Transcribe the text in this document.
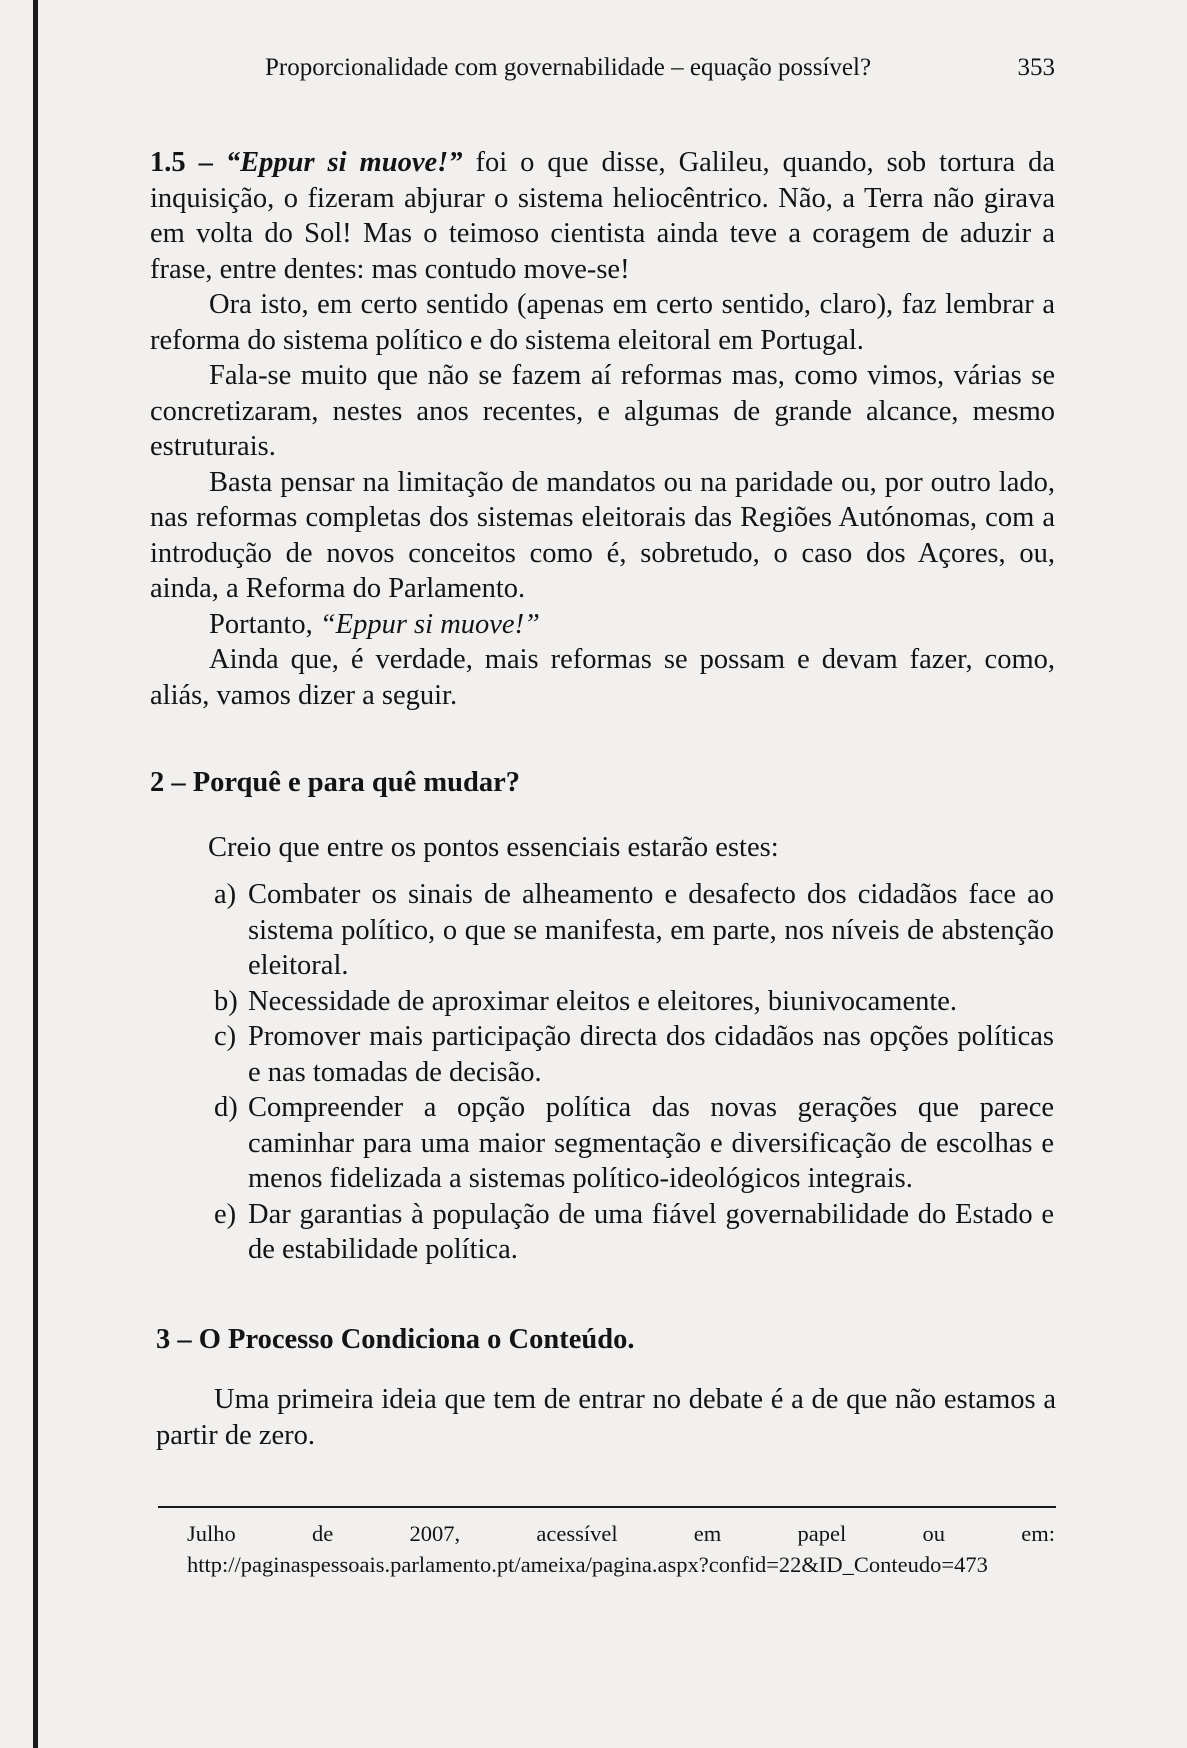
Proporcionalidade com governabilidade – equação possível?	353

1.5 – “Eppur si muove!” foi o que disse, Galileu, quando, sob tortura da inquisição, o fizeram abjurar o sistema heliocêntrico. Não, a Terra não girava em volta do Sol! Mas o teimoso cientista ainda teve a coragem de aduzir a frase, entre dentes: mas contudo move-se!

Ora isto, em certo sentido (apenas em certo sentido, claro), faz lembrar a reforma do sistema político e do sistema eleitoral em Portugal.

Fala-se muito que não se fazem aí reformas mas, como vimos, várias se concretizaram, nestes anos recentes, e algumas de grande alcance, mesmo estruturais.

Basta pensar na limitação de mandatos ou na paridade ou, por outro lado, nas reformas completas dos sistemas eleitorais das Regiões Autónomas, com a introdução de novos conceitos como é, sobretudo, o caso dos Açores, ou, ainda, a Reforma do Parlamento.

Portanto, “Eppur si muove!”

Ainda que, é verdade, mais reformas se possam e devam fazer, como, aliás, vamos dizer a seguir.

2 – Porquê e para quê mudar?
Creio que entre os pontos essenciais estarão estes:
a) Combater os sinais de alheamento e desafecto dos cidadãos face ao sistema político, o que se manifesta, em parte, nos níveis de abstenção eleitoral.
b) Necessidade de aproximar eleitos e eleitores, biunivocamente.
c) Promover mais participação directa dos cidadãos nas opções políticas e nas tomadas de decisão.
d) Compreender a opção política das novas gerações que parece caminhar para uma maior segmentação e diversificação de escolhas e menos fidelizada a sistemas político-ideológicos integrais.
e) Dar garantias à população de uma fiável governabilidade do Estado e de estabilidade política.
3 – O Processo Condiciona o Conteúdo.

Uma primeira ideia que tem de entrar no debate é a de que não estamos a partir de zero.

Julho de 2007, acessível em papel ou em: http://paginaspessoais.parlamento.pt/ameixa/pagina.aspx?confid=22&ID_Conteudo=473
